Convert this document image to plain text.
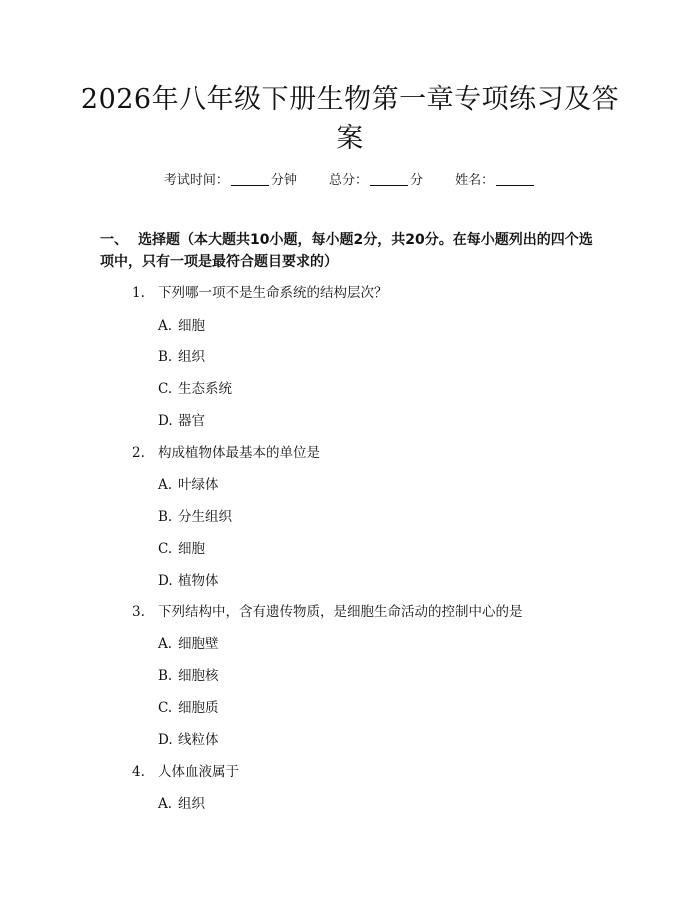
2026年八年级下册生物第一章专项练习及答
案
考试时间：	分钟 总分：	分 姓名：
一、 选择题（本大题共10小题，每小题2分，共20分。在每小题列出的四个选
项中，只有一项是最符合题目要求的）
1. 下列哪一项不是生命系统的结构层次？
A. 细胞
B. 组织
C. 生态系统
D. 器官
2. 构成植物体最基本的单位是
A. 叶绿体
B. 分生组织
C. 细胞
D. 植物体
3. 下列结构中，含有遗传物质，是细胞生命活动的控制中心的是
A. 细胞壁
B. 细胞核
C. 细胞质
D. 线粒体
4. 人体血液属于
A. 组织
